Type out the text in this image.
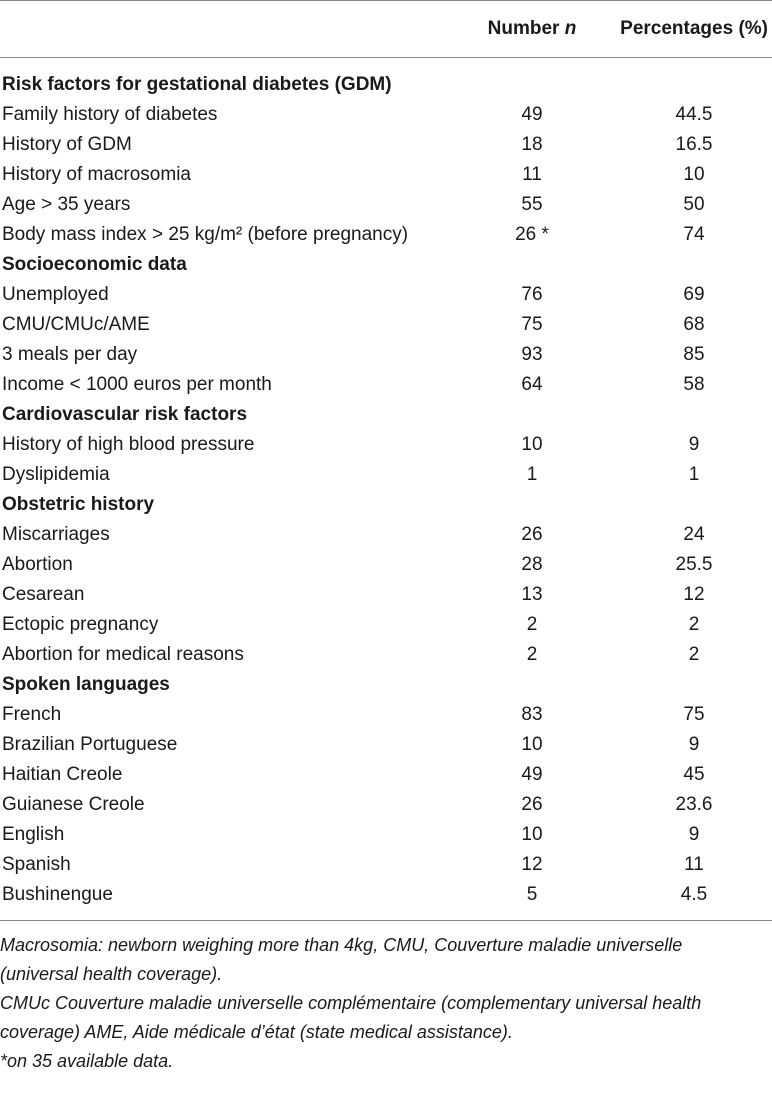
	Number n	Percentages (%)
Risk factors for gestational diabetes (GDM)		
Family history of diabetes	49	44.5
History of GDM	18	16.5
History of macrosomia	11	10
Age > 35 years	55	50
Body mass index > 25 kg/m² (before pregnancy)	26 *	74
Socioeconomic data		
Unemployed	76	69
CMU/CMUc/AME	75	68
3 meals per day	93	85
Income < 1000 euros per month	64	58
Cardiovascular risk factors		
History of high blood pressure	10	9
Dyslipidemia	1	1
Obstetric history		
Miscarriages	26	24
Abortion	28	25.5
Cesarean	13	12
Ectopic pregnancy	2	2
Abortion for medical reasons	2	2
Spoken languages		
French	83	75
Brazilian Portuguese	10	9
Haitian Creole	49	45
Guianese Creole	26	23.6
English	10	9
Spanish	12	11
Bushinengue	5	4.5

Macrosomia: newborn weighing more than 4kg, CMU, Couverture maladie universelle

(universal health coverage).

CMUc Couverture maladie universelle complémentaire (complementary universal health

coverage) AME, Aide médicale d’état (state medical assistance).

*on 35 available data.
